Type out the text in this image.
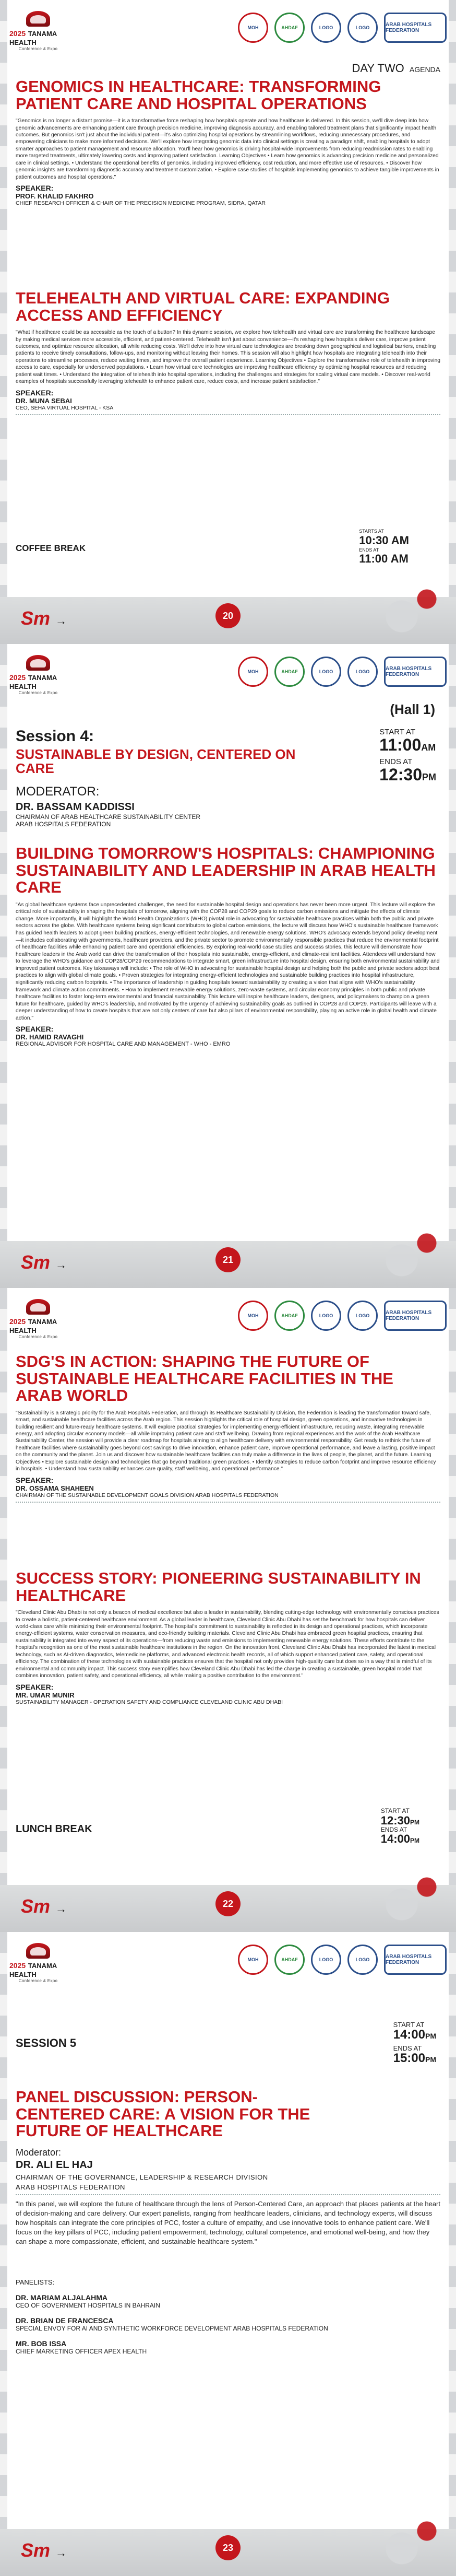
2025 TANAMA HEALTH
Conference & Expo
MOH	AHDAF	LOGO	LOGO	ARAB HOSPITALS FEDERATION
DAY TWO AGENDA
GENOMICS IN HEALTHCARE: TRANSFORMING PATIENT CARE AND HOSPITAL OPERATIONS
"Genomics is no longer a distant promise—it is a transformative force reshaping how hospitals operate and how healthcare is delivered. In this session, we'll dive deep into how genomic advancements are enhancing patient care through precision medicine, improving diagnosis accuracy, and enabling tailored treatment plans that significantly impact health outcomes. But genomics isn't just about the individual patient—it's also optimizing hospital operations by streamlining workflows, reducing unnecessary procedures, and empowering clinicians to make more informed decisions. We'll explore how integrating genomic data into clinical settings is creating a paradigm shift, enabling hospitals to adopt smarter approaches to patient management and resource allocation. You'll hear how genomics is driving hospital-wide improvements from reducing readmission rates to enabling more targeted treatments, ultimately lowering costs and improving patient satisfaction. Learning Objectives • Learn how genomics is advancing precision medicine and personalized care in clinical settings. • Understand the operational benefits of genomics, including improved efficiency, cost reduction, and more effective use of resources. • Discover how genomic insights are transforming diagnostic accuracy and treatment customization. • Explore case studies of hospitals implementing genomics to achieve tangible improvements in patient outcomes and hospital operations."
SPEAKER:
PROF. KHALID FAKHRO
CHIEF RESEARCH OFFICER & CHAIR OF THE PRECISION MEDICINE PROGRAM, SIDRA, QATAR
TELEHEALTH AND VIRTUAL CARE: EXPANDING ACCESS AND EFFICIENCY
"What if healthcare could be as accessible as the touch of a button? In this dynamic session, we explore how telehealth and virtual care are transforming the healthcare landscape by making medical services more accessible, efficient, and patient-centered. Telehealth isn't just about convenience—it's reshaping how hospitals deliver care, improve patient outcomes, and optimize resource allocation, all while reducing costs. We'll delve into how virtual care technologies are breaking down geographical and logistical barriers, enabling patients to receive timely consultations, follow-ups, and monitoring without leaving their homes. This session will also highlight how hospitals are integrating telehealth into their operations to streamline processes, reduce waiting times, and improve the overall patient experience. Learning Objectives • Explore the transformative role of telehealth in improving access to care, especially for underserved populations. • Learn how virtual care technologies are improving healthcare efficiency by optimizing hospital resources and reducing patient wait times. • Understand the integration of telehealth into hospital operations, including the challenges and strategies for scaling virtual care models. • Discover real-world examples of hospitals successfully leveraging telehealth to enhance patient care, reduce costs, and increase patient satisfaction."
SPEAKER:
DR. MUNA SEBAI
CEO, SEHA VIRTUAL HOSPITAL - KSA
COFFEE BREAK
STARTS AT
10:30 AM
ENDS AT
11:00 AM
Sm →	20
2025 TANAMA HEALTH
Conference & Expo
MOH	AHDAF	LOGO	LOGO	ARAB HOSPITALS FEDERATION
(Hall 1)
Session 4:
SUSTAINABLE BY DESIGN, CENTERED ON CARE
MODERATOR:
DR. BASSAM KADDISSI
CHAIRMAN OF ARAB HEALTHCARE SUSTAINABILITY CENTER
ARAB HOSPITALS FEDERATION
START AT
11:00AM
ENDS AT
12:30PM
BUILDING TOMORROW'S HOSPITALS: CHAMPIONING SUSTAINABILITY AND LEADERSHIP IN ARAB HEALTH CARE
"As global healthcare systems face unprecedented challenges, the need for sustainable hospital design and operations has never been more urgent. This lecture will explore the critical role of sustainability in shaping the hospitals of tomorrow, aligning with the COP28 and COP29 goals to reduce carbon emissions and mitigate the effects of climate change. More importantly, it will highlight the World Health Organization's (WHO) pivotal role in advocating for sustainable healthcare practices within both the public and private sectors across the globe. With healthcare systems being significant contributors to global carbon emissions, the lecture will discuss how WHO's sustainable healthcare framework has guided health leaders to adopt green building practices, energy-efficient technologies, and renewable energy solutions. WHO's advocacy extends beyond policy development—it includes collaborating with governments, healthcare providers, and the private sector to promote environmentally responsible practices that reduce the environmental footprint of healthcare facilities while enhancing patient care and operational efficiencies. By exploring real-world case studies and success stories, this lecture will demonstrate how healthcare leaders in the Arab world can drive the transformation of their hospitals into sustainable, energy-efficient, and climate-resilient facilities. Attendees will understand how to leverage the WHO's guidance and COP28/COP29 recommendations to integrate smart, green infrastructure into hospital design, ensuring both environmental sustainability and improved patient outcomes. Key takeaways will include: • The role of WHO in advocating for sustainable hospital design and helping both the public and private sectors adopt best practices to align with global climate goals. • Proven strategies for integrating energy-efficient technologies and sustainable building practices into hospital infrastructure, significantly reducing carbon footprints. • The importance of leadership in guiding hospitals toward sustainability by creating a vision that aligns with WHO's sustainability framework and climate action commitments. • How to implement renewable energy solutions, zero-waste systems, and circular economy principles in both public and private healthcare facilities to foster long-term environmental and financial sustainability. This lecture will inspire healthcare leaders, designers, and policymakers to champion a green future for healthcare, guided by WHO's leadership, and motivated by the urgency of achieving sustainability goals as outlined in COP28 and COP29. Participants will leave with a deeper understanding of how to create hospitals that are not only centers of care but also pillars of environmental responsibility, playing an active role in global health and climate action."
SPEAKER:
DR. HAMID RAVAGHI
REGIONAL ADVISOR FOR HOSPITAL CARE AND MANAGEMENT - WHO - EMRO
Sm →	21
2025 TANAMA HEALTH
Conference & Expo
MOH	AHDAF	LOGO	LOGO	ARAB HOSPITALS FEDERATION
SDG'S IN ACTION: SHAPING THE FUTURE OF SUSTAINABLE HEALTHCARE FACILITIES IN THE ARAB WORLD
"Sustainability is a strategic priority for the Arab Hospitals Federation, and through its Healthcare Sustainability Division, the Federation is leading the transformation toward safe, smart, and sustainable healthcare facilities across the Arab region. This session highlights the critical role of hospital design, green operations, and innovative technologies in building resilient and future-ready healthcare systems. It will explore practical strategies for implementing energy-efficient infrastructure, reducing waste, integrating renewable energy, and adopting circular economy models—all while improving patient care and staff wellbeing. Drawing from regional experiences and the work of the Arab Healthcare Sustainability Center, the session will provide a clear roadmap for hospitals aiming to align healthcare delivery with environmental responsibility. Get ready to rethink the future of healthcare facilities where sustainability goes beyond cost savings to drive innovation, enhance patient care, improve operational performance, and leave a lasting, positive impact on the community and the planet. Join us and discover how sustainable healthcare facilities can truly make a difference in the lives of people, the planet, and the future. Learning Objectives • Explore sustainable design and technologies that go beyond traditional green practices. • Identify strategies to reduce carbon footprint and improve resource efficiency in hospitals. • Understand how sustainability enhances care quality, staff wellbeing, and operational performance."
SPEAKER:
DR. OSSAMA SHAHEEN
CHAIRMAN OF THE SUSTAINABLE DEVELOPMENT GOALS DIVISION ARAB HOSPITALS FEDERATION
SUCCESS STORY: PIONEERING SUSTAINABILITY IN HEALTHCARE
"Cleveland Clinic Abu Dhabi is not only a beacon of medical excellence but also a leader in sustainability, blending cutting-edge technology with environmentally conscious practices to create a holistic, patient-centered healthcare environment. As a global leader in healthcare, Cleveland Clinic Abu Dhabi has set the benchmark for how hospitals can deliver world-class care while minimizing their environmental footprint. The hospital's commitment to sustainability is reflected in its design and operational practices, which incorporate energy-efficient systems, water conservation measures, and eco-friendly building materials. Cleveland Clinic Abu Dhabi has embraced green hospital practices, ensuring that sustainability is integrated into every aspect of its operations—from reducing waste and emissions to implementing renewable energy solutions. These efforts contribute to the hospital's recognition as one of the most sustainable healthcare institutions in the region. On the innovation front, Cleveland Clinic Abu Dhabi has incorporated the latest in medical technology, such as AI-driven diagnostics, telemedicine platforms, and advanced electronic health records, all of which support enhanced patient care, safety, and operational efficiency. The combination of these technologies with sustainable practices ensures that the hospital not only provides high-quality care but does so in a way that is mindful of its environmental and community impact. This success story exemplifies how Cleveland Clinic Abu Dhabi has led the charge in creating a sustainable, green hospital model that combines innovation, patient safety, and operational efficiency, all while making a positive contribution to the environment."
SPEAKER:
MR. UMAR MUNIR
SUSTAINABILITY MANAGER - OPERATION SAFETY AND COMPLIANCE CLEVELAND CLINIC ABU DHABI
LUNCH BREAK
START AT
12:30PM
ENDS AT
14:00PM
Sm →	22
2025 TANAMA HEALTH
Conference & Expo
MOH	AHDAF	LOGO	LOGO	ARAB HOSPITALS FEDERATION
SESSION 5
START AT
14:00PM
ENDS AT
15:00PM
PANEL DISCUSSION: PERSON-CENTERED CARE: A VISION FOR THE FUTURE OF HEALTHCARE
Moderator:
DR. ALI EL HAJ
CHAIRMAN OF THE GOVERNANCE, LEADERSHIP & RESEARCH DIVISION
ARAB HOSPITALS FEDERATION
"In this panel, we will explore the future of healthcare through the lens of Person-Centered Care, an approach that places patients at the heart of decision-making and care delivery. Our expert panelists, ranging from healthcare leaders, clinicians, and technology experts, will discuss how hospitals can integrate the core principles of PCC, foster a culture of empathy, and use innovative tools to enhance patient care. We'll focus on the key pillars of PCC, including patient empowerment, technology, cultural competence, and emotional well-being, and how they can shape a more compassionate, efficient, and sustainable healthcare system."
PANELISTS:
DR. MARIAM ALJALAHMA
CEO OF GOVERNMENT HOSPITALS IN BAHRAIN
DR. BRIAN DE FRANCESCA
SPECIAL ENVOY FOR AI AND SYNTHETIC WORKFORCE DEVELOPMENT ARAB HOSPITALS FEDERATION
MR. BOB ISSA
CHIEF MARKETING OFFICER APEX HEALTH
Sm →	23
